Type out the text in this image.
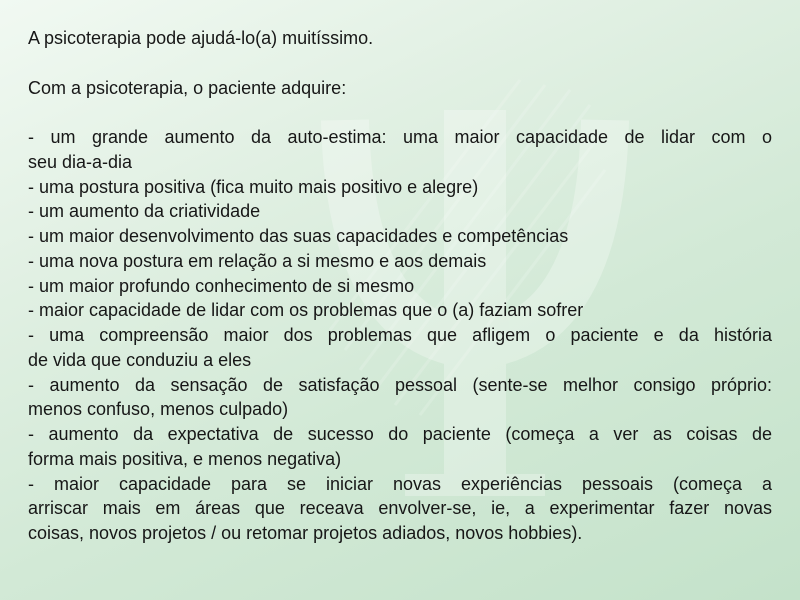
A psicoterapia pode ajudá-lo(a) muitíssimo.
Com a psicoterapia, o paciente adquire:
- um grande aumento da auto-estima: uma maior capacidade de lidar com o
seu dia-a-dia
- uma postura positiva (fica muito mais positivo e alegre)
- um aumento da criatividade
- um maior desenvolvimento das suas capacidades e competências
- uma nova postura em relação a si mesmo e aos demais
- um maior profundo conhecimento de si mesmo
- maior capacidade de lidar com os problemas que o (a) faziam sofrer
- uma compreensão maior dos problemas que afligem o paciente e da história
de vida que conduziu a eles
- aumento da sensação de satisfação pessoal (sente-se melhor consigo próprio:
menos confuso, menos culpado)
- aumento da expectativa de sucesso do paciente (começa a ver as coisas de
forma mais positiva, e menos negativa)
- maior capacidade para se iniciar novas experiências pessoais (começa a
arriscar mais em áreas que receava envolver-se, ie, a experimentar fazer novas
coisas, novos projetos / ou retomar projetos adiados, novos hobbies).
